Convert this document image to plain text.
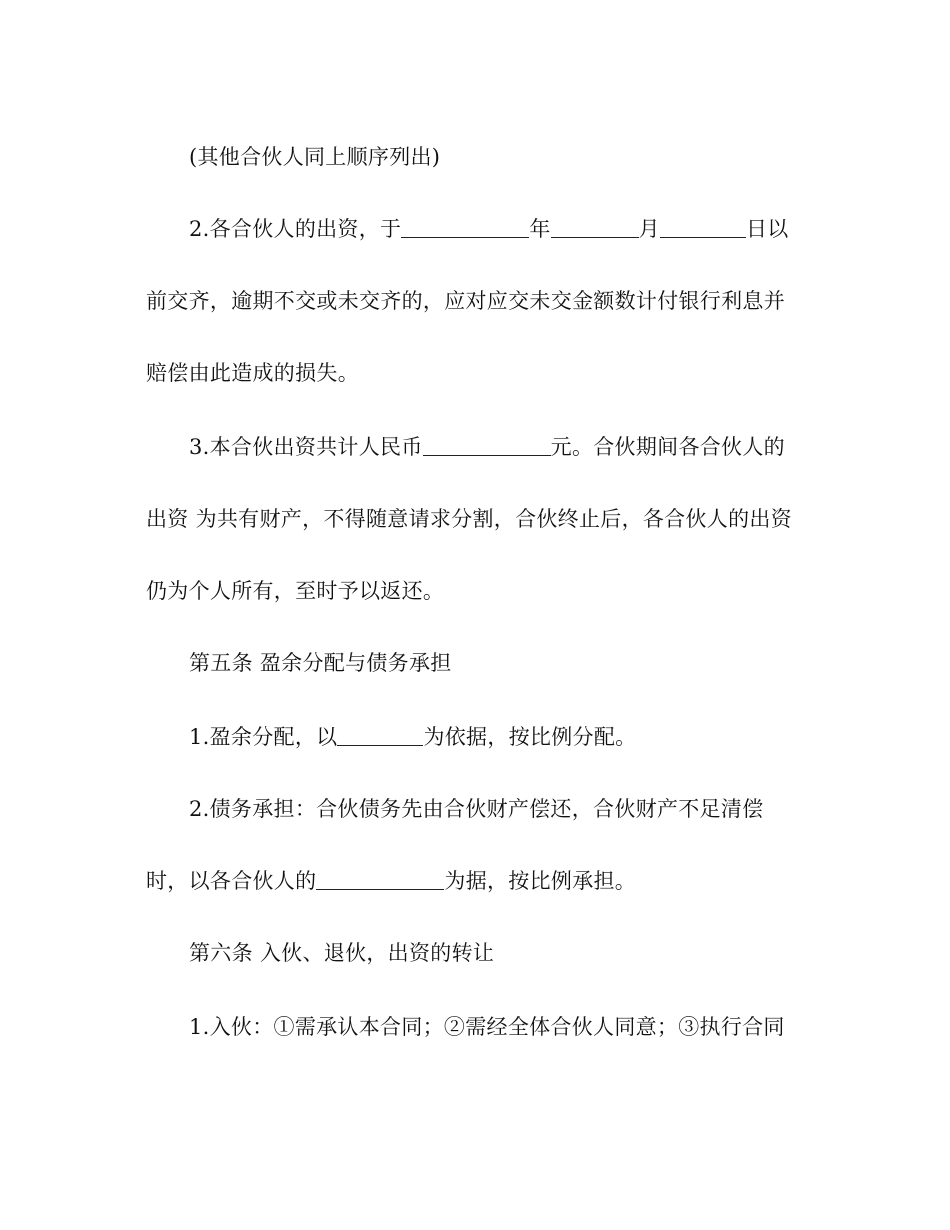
(其他合伙人同上顺序列出)
2.各合伙人的出资，于	年	月	日以
前交齐，逾期不交或未交齐的，应对应交未交金额数计付银行利息并
赔偿由此造成的损失。
3.本合伙出资共计人民币	元。合伙期间各合伙人的
出资 为共有财产，不得随意请求分割，合伙终止后，各合伙人的出资
仍为个人所有，至时予以返还。
第五条 盈余分配与债务承担
1.盈余分配，以	为依据，按比例分配。
2.债务承担：合伙债务先由合伙财产偿还，合伙财产不足清偿
时，以各合伙人的	为据，按比例承担。
第六条 入伙、退伙，出资的转让
1.入伙：①需承认本合同；②需经全体合伙人同意；③执行合同
